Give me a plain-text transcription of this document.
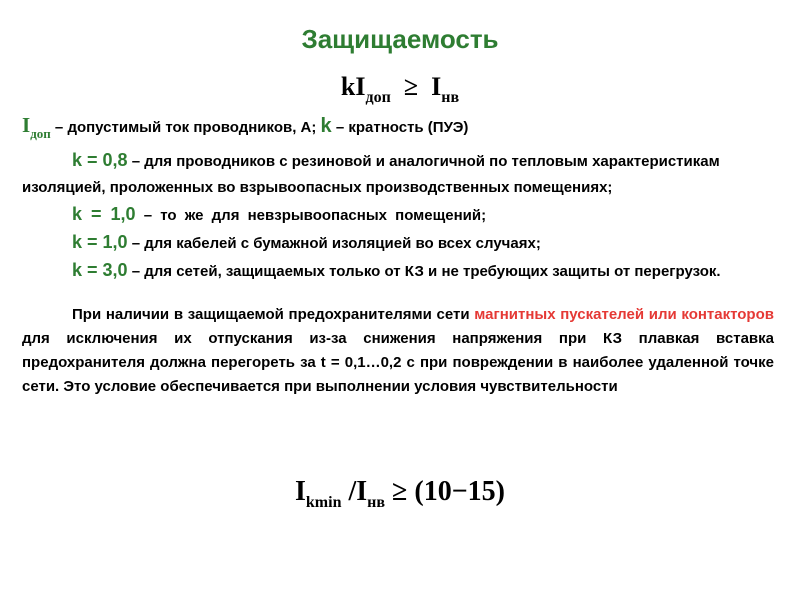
Защищаемость
$kI_{доп} \ge I_{нв}$

$I_{доп}$ – допустимый ток проводников, А; k – кратность (ПУЭ)

k = 0,8 – для проводников с резиновой и аналогичной по тепловым характеристикам изоляцией, проложенных во взрывоопасных производственных помещениях;

k = 1,0 – то же для невзрывоопасных помещений;

k = 1,0 – для кабелей с бумажной изоляцией во всех случаях;

k = 3,0 – для сетей, защищаемых только от КЗ и не требующих защиты от перегрузок.

При наличии в защищаемой предохранителями сети магнитных пускателей или контакторов для исключения их отпускания из-за снижения напряжения при КЗ плавкая вставка предохранителя должна перегореть за t = 0,1…0,2 с при повреждении в наиболее удаленной точке сети. Это условие обеспечивается при выполнении условия чувствительности

$I_{kmin}$ $/I_{нв} \ge (10-15)$
